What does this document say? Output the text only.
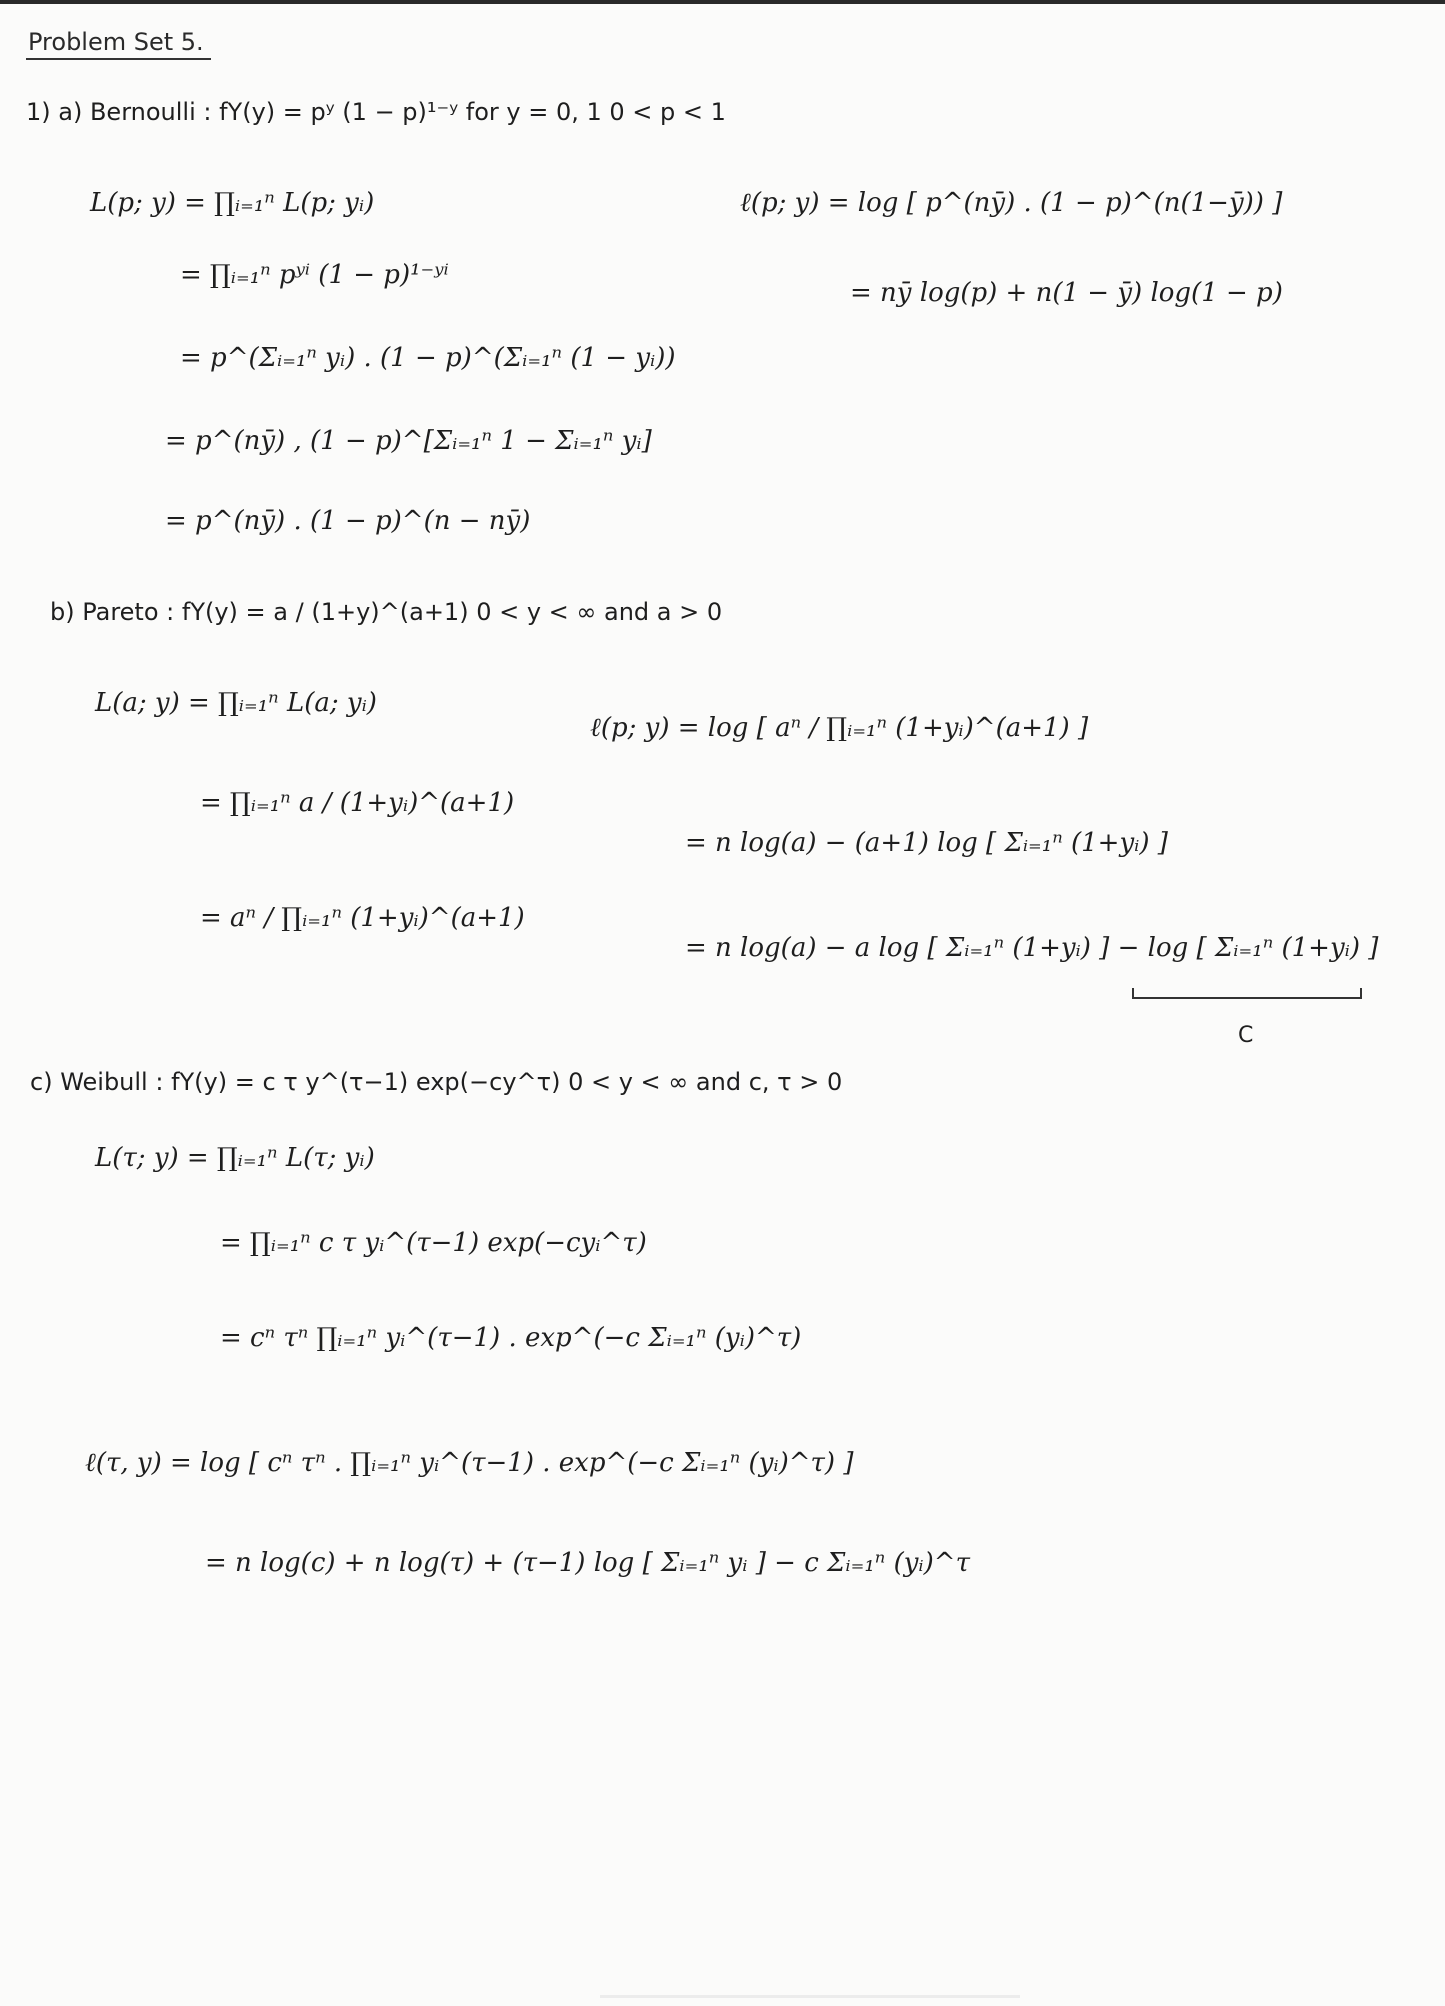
Problem Set 5.
1) a) Bernoulli : fY(y) = pʸ (1 − p)¹⁻ʸ for y = 0, 1 0 < p < 1
L(p; y) = ∏ᵢ₌₁ⁿ L(p; yᵢ)
= ∏ᵢ₌₁ⁿ pʸⁱ (1 − p)¹⁻ʸⁱ
= p^(Σᵢ₌₁ⁿ yᵢ) . (1 − p)^(Σᵢ₌₁ⁿ (1 − yᵢ))
= p^(nȳ) , (1 − p)^[Σᵢ₌₁ⁿ 1 − Σᵢ₌₁ⁿ yᵢ]
= p^(nȳ) . (1 − p)^(n − nȳ)
ℓ(p; y) = log [ p^(nȳ) . (1 − p)^(n(1−ȳ)) ]
= nȳ log(p) + n(1 − ȳ) log(1 − p)
b) Pareto : fY(y) = a / (1+y)^(a+1) 0 < y < ∞ and a > 0
L(a; y) = ∏ᵢ₌₁ⁿ L(a; yᵢ)
= ∏ᵢ₌₁ⁿ a / (1+yᵢ)^(a+1)
= aⁿ / ∏ᵢ₌₁ⁿ (1+yᵢ)^(a+1)
ℓ(p; y) = log [ aⁿ / ∏ᵢ₌₁ⁿ (1+yᵢ)^(a+1) ]
= n log(a) − (a+1) log [ Σᵢ₌₁ⁿ (1+yᵢ) ]
= n log(a) − a log [ Σᵢ₌₁ⁿ (1+yᵢ) ] − log [ Σᵢ₌₁ⁿ (1+yᵢ) ]
C
c) Weibull : fY(y) = c τ y^(τ−1) exp(−cy^τ) 0 < y < ∞ and c, τ > 0
L(τ; y) = ∏ᵢ₌₁ⁿ L(τ; yᵢ)
= ∏ᵢ₌₁ⁿ c τ yᵢ^(τ−1) exp(−cyᵢ^τ)
= cⁿ τⁿ ∏ᵢ₌₁ⁿ yᵢ^(τ−1) . exp^(−c Σᵢ₌₁ⁿ (yᵢ)^τ)
ℓ(τ, y) = log [ cⁿ τⁿ . ∏ᵢ₌₁ⁿ yᵢ^(τ−1) . exp^(−c Σᵢ₌₁ⁿ (yᵢ)^τ) ]
= n log(c) + n log(τ) + (τ−1) log [ Σᵢ₌₁ⁿ yᵢ ] − c Σᵢ₌₁ⁿ (yᵢ)^τ
